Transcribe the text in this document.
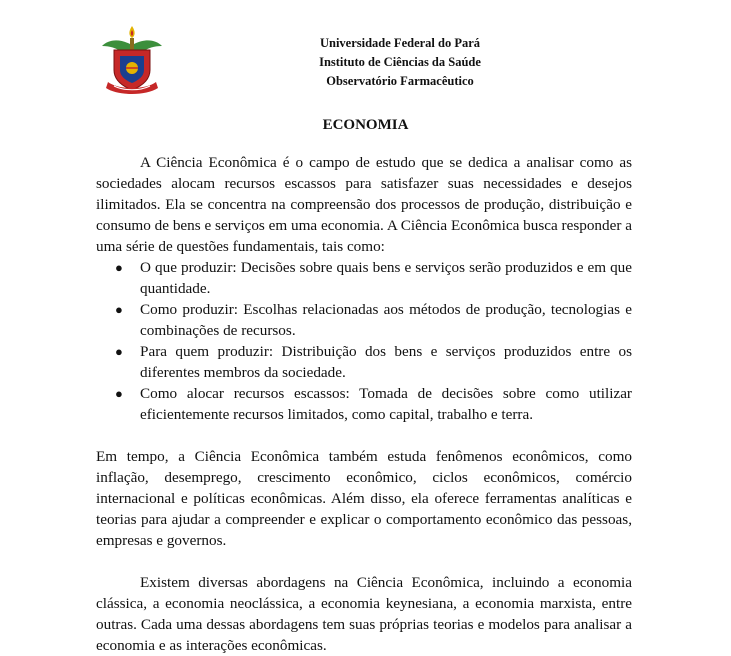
Universidade Federal do Pará
Instituto de Ciências da Saúde
Observatório Farmacêutico
ECONOMIA

A Ciência Econômica é o campo de estudo que se dedica a analisar como as sociedades alocam recursos escassos para satisfazer suas necessidades e desejos ilimitados. Ela se concentra na compreensão dos processos de produção, distribuição e consumo de bens e serviços em uma economia. A Ciência Econômica busca responder a uma série de questões fundamentais, tais como:

● O que produzir: Decisões sobre quais bens e serviços serão produzidos e em que quantidade.
● Como produzir: Escolhas relacionadas aos métodos de produção, tecnologias e combinações de recursos.
● Para quem produzir: Distribuição dos bens e serviços produzidos entre os diferentes membros da sociedade.
● Como alocar recursos escassos: Tomada de decisões sobre como utilizar eficientemente recursos limitados, como capital, trabalho e terra.

Em tempo, a Ciência Econômica também estuda fenômenos econômicos, como inflação, desemprego, crescimento econômico, ciclos econômicos, comércio internacional e políticas econômicas. Além disso, ela oferece ferramentas analíticas e teorias para ajudar a compreender e explicar o comportamento econômico das pessoas, empresas e governos.

Existem diversas abordagens na Ciência Econômica, incluindo a economia clássica, a economia neoclássica, a economia keynesiana, a economia marxista, entre outras. Cada uma dessas abordagens tem suas próprias teorias e modelos para analisar a economia e as interações econômicas.
